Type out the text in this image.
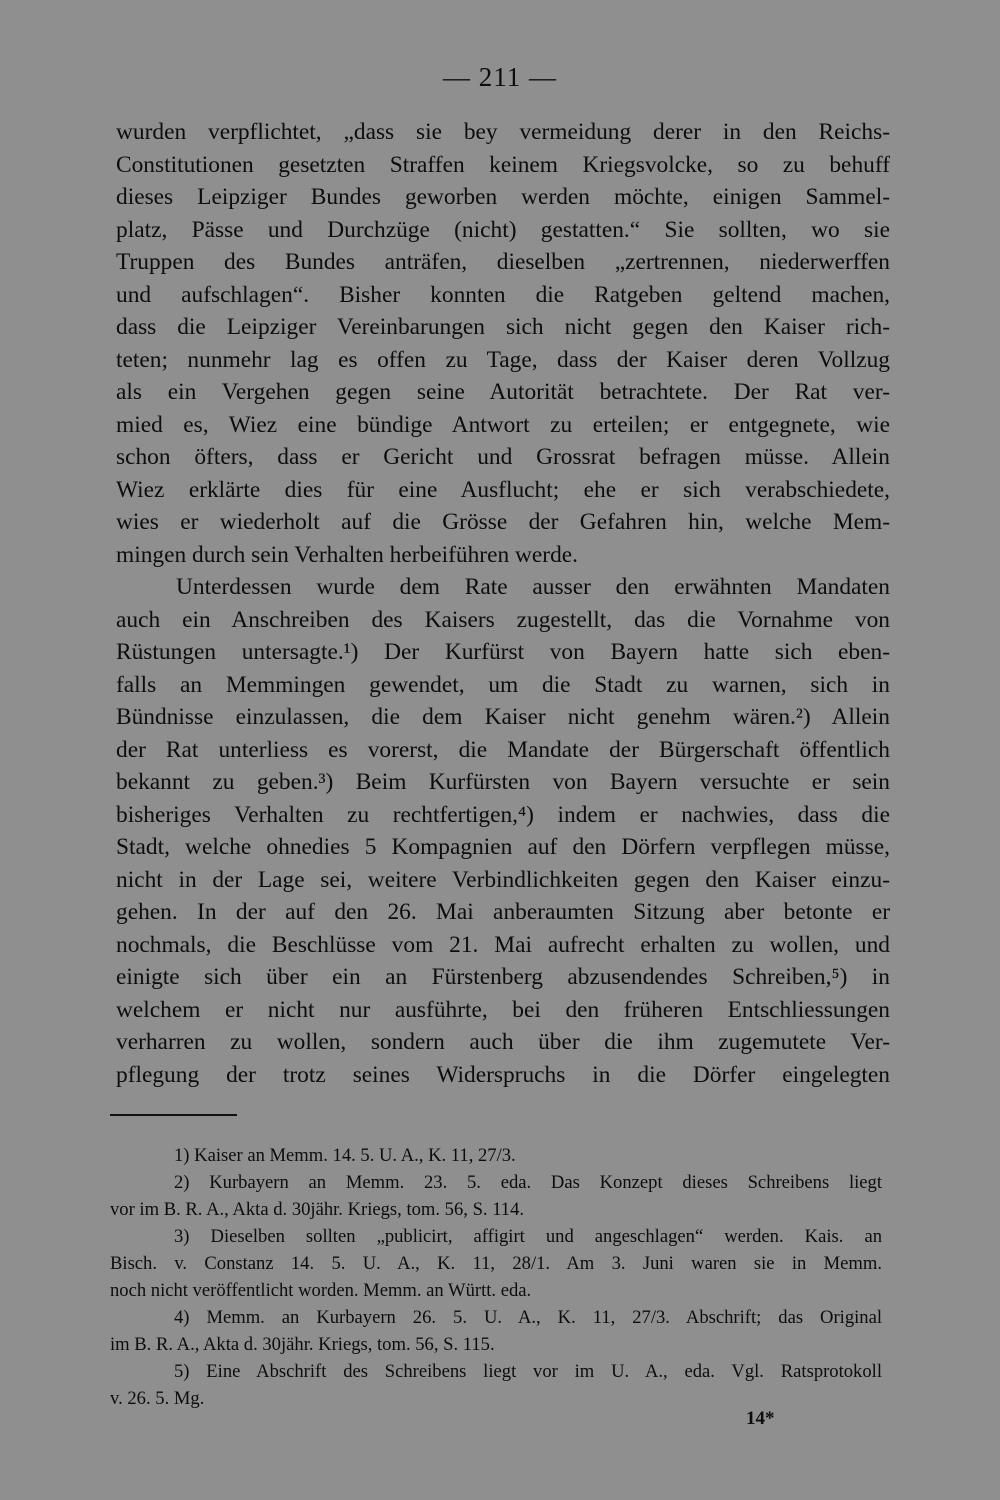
— 211 —
wurden verpflichtet, „dass sie bey vermeidung derer in den Reichs-
Constitutionen gesetzten Straffen keinem Kriegsvolcke, so zu behuff
dieses Leipziger Bundes geworben werden möchte, einigen Sammel-
platz, Pässe und Durchzüge (nicht) gestatten.“ Sie sollten, wo sie
Truppen des Bundes anträfen, dieselben „zertrennen, niederwerffen
und aufschlagen“. Bisher konnten die Ratgeben geltend machen,
dass die Leipziger Vereinbarungen sich nicht gegen den Kaiser rich-
teten; nunmehr lag es offen zu Tage, dass der Kaiser deren Vollzug
als ein Vergehen gegen seine Autorität betrachtete. Der Rat ver-
mied es, Wiez eine bündige Antwort zu erteilen; er entgegnete, wie
schon öfters, dass er Gericht und Grossrat befragen müsse. Allein
Wiez erklärte dies für eine Ausflucht; ehe er sich verabschiedete,
wies er wiederholt auf die Grösse der Gefahren hin, welche Mem-
mingen durch sein Verhalten herbeiführen werde.
Unterdessen wurde dem Rate ausser den erwähnten Mandaten
auch ein Anschreiben des Kaisers zugestellt, das die Vornahme von
Rüstungen untersagte.¹) Der Kurfürst von Bayern hatte sich eben-
falls an Memmingen gewendet, um die Stadt zu warnen, sich in
Bündnisse einzulassen, die dem Kaiser nicht genehm wären.²) Allein
der Rat unterliess es vorerst, die Mandate der Bürgerschaft öffentlich
bekannt zu geben.³) Beim Kurfürsten von Bayern versuchte er sein
bisheriges Verhalten zu rechtfertigen,⁴) indem er nachwies, dass die
Stadt, welche ohnedies 5 Kompagnien auf den Dörfern verpflegen müsse,
nicht in der Lage sei, weitere Verbindlichkeiten gegen den Kaiser einzu-
gehen. In der auf den 26. Mai anberaumten Sitzung aber betonte er
nochmals, die Beschlüsse vom 21. Mai aufrecht erhalten zu wollen, und
einigte sich über ein an Fürstenberg abzusendendes Schreiben,⁵) in
welchem er nicht nur ausführte, bei den früheren Entschliessungen
verharren zu wollen, sondern auch über die ihm zugemutete Ver-
pflegung der trotz seines Widerspruchs in die Dörfer eingelegten
1) Kaiser an Memm. 14. 5. U. A., K. 11, 27/3.
2) Kurbayern an Memm. 23. 5. eda. Das Konzept dieses Schreibens liegt
vor im B. R. A., Akta d. 30jähr. Kriegs, tom. 56, S. 114.
3) Dieselben sollten „publicirt, affigirt und angeschlagen“ werden. Kais. an
Bisch. v. Constanz 14. 5. U. A., K. 11, 28/1. Am 3. Juni waren sie in Memm.
noch nicht veröffentlicht worden. Memm. an Württ. eda.
4) Memm. an Kurbayern 26. 5. U. A., K. 11, 27/3. Abschrift; das Original
im B. R. A., Akta d. 30jähr. Kriegs, tom. 56, S. 115.
5) Eine Abschrift des Schreibens liegt vor im U. A., eda. Vgl. Ratsprotokoll
v. 26. 5. Mg.
14*
